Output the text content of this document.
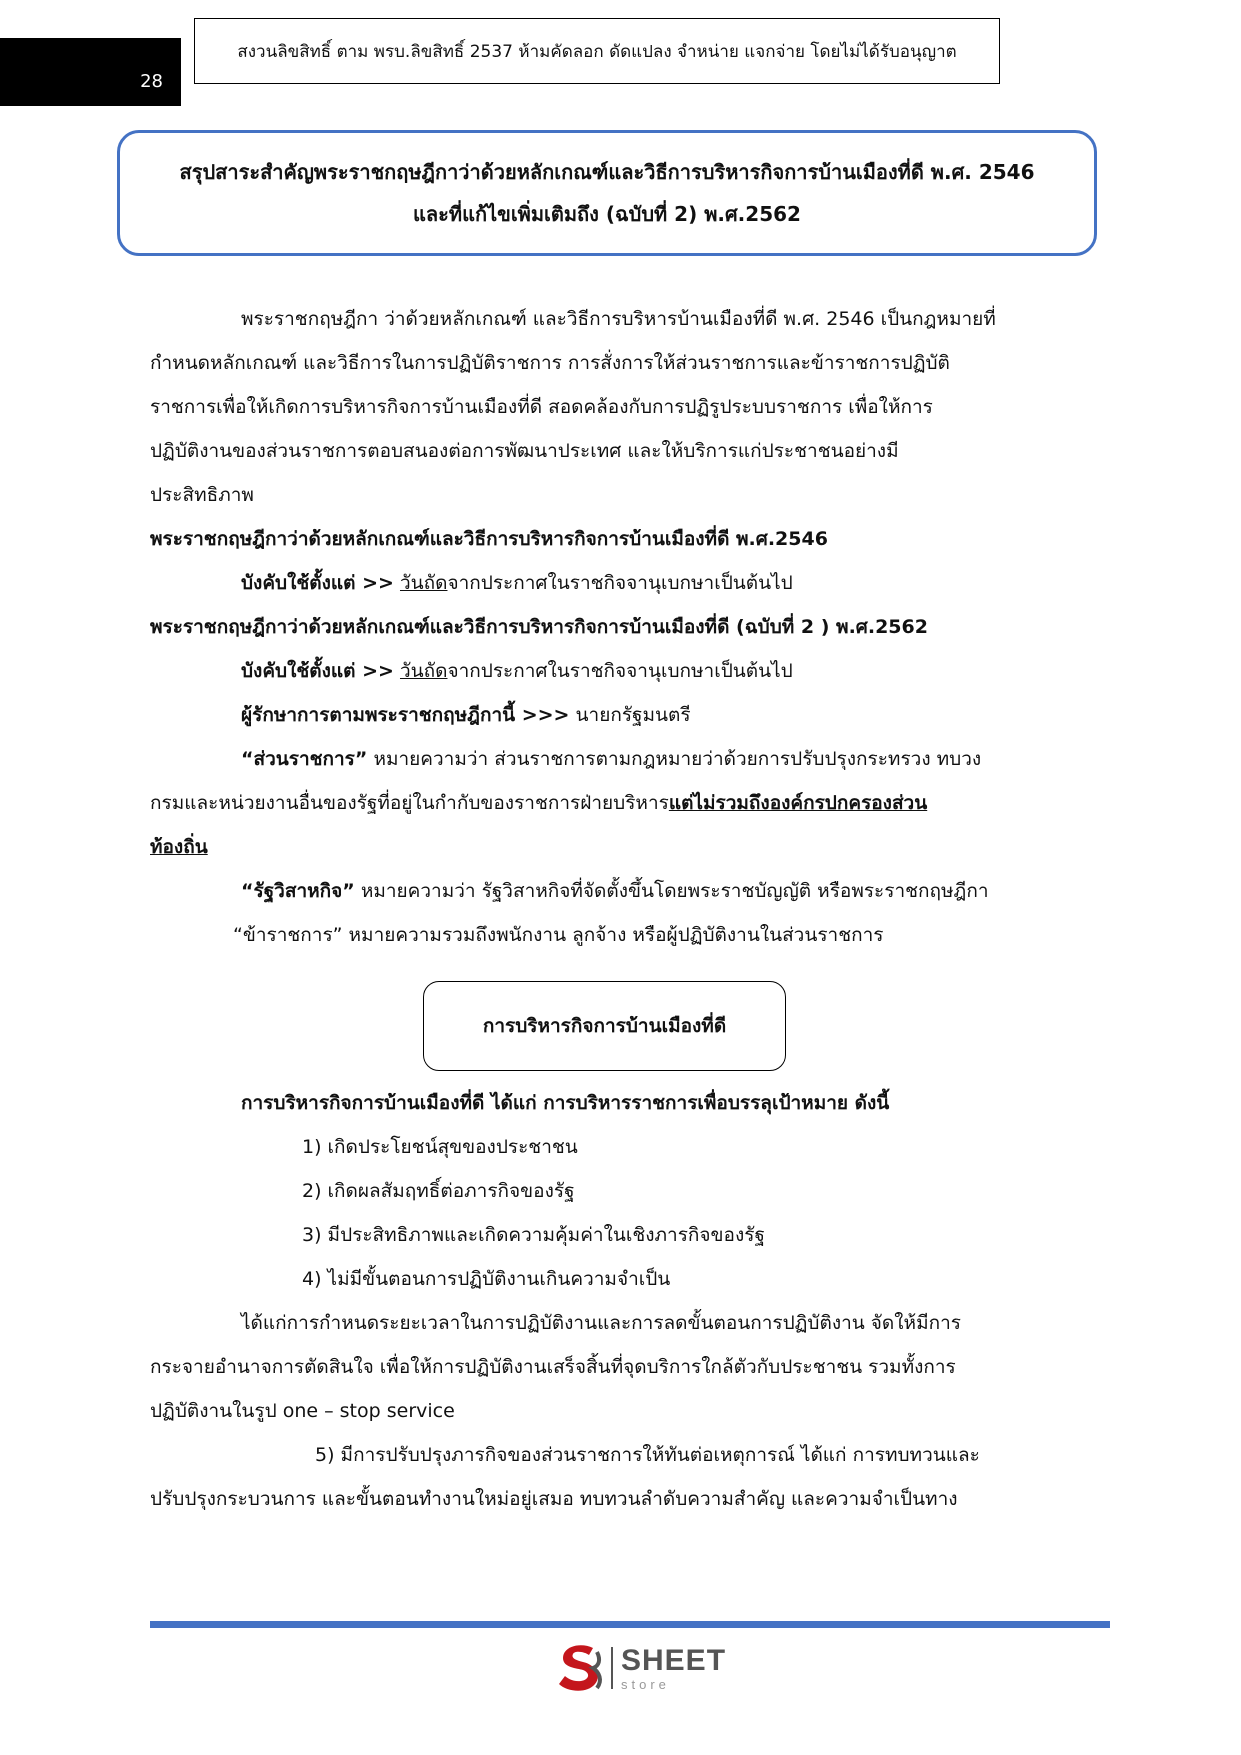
28
สงวนลิขสิทธิ์ ตาม พรบ.ลิขสิทธิ์ 2537 ห้ามคัดลอก ดัดแปลง จำหน่าย แจกจ่าย โดยไม่ได้รับอนุญาต
สรุปสาระสำคัญพระราชกฤษฎีกาว่าด้วยหลักเกณฑ์และวิธีการบริหารกิจการบ้านเมืองที่ดี พ.ศ. 2546
และที่แก้ไขเพิ่มเติมถึง (ฉบับที่ 2) พ.ศ.2562
พระราชกฤษฎีกา ว่าด้วยหลักเกณฑ์ และวิธีการบริหารบ้านเมืองที่ดี พ.ศ. 2546 เป็นกฎหมายที่
กำหนดหลักเกณฑ์ และวิธีการในการปฏิบัติราชการ การสั่งการให้ส่วนราชการและข้าราชการปฏิบัติ
ราชการเพื่อให้เกิดการบริหารกิจการบ้านเมืองที่ดี สอดคล้องกับการปฏิรูประบบราชการ เพื่อให้การ
ปฏิบัติงานของส่วนราชการตอบสนองต่อการพัฒนาประเทศ และให้บริการแก่ประชาชนอย่างมี
ประสิทธิภาพ
พระราชกฤษฎีกาว่าด้วยหลักเกณฑ์และวิธีการบริหารกิจการบ้านเมืองที่ดี พ.ศ.2546
บังคับใช้ตั้งแต่ >> วันถัดจากประกาศในราชกิจจานุเบกษาเป็นต้นไป
พระราชกฤษฎีกาว่าด้วยหลักเกณฑ์และวิธีการบริหารกิจการบ้านเมืองที่ดี (ฉบับที่ 2 ) พ.ศ.2562
บังคับใช้ตั้งแต่ >> วันถัดจากประกาศในราชกิจจานุเบกษาเป็นต้นไป
ผู้รักษาการตามพระราชกฤษฎีกานี้ >>> นายกรัฐมนตรี
“ส่วนราชการ” หมายความว่า ส่วนราชการตามกฎหมายว่าด้วยการปรับปรุงกระทรวง ทบวง
กรมและหน่วยงานอื่นของรัฐที่อยู่ในกำกับของราชการฝ่ายบริหารแต่ไม่รวมถึงองค์กรปกครองส่วน
ท้องถิ่น
“รัฐวิสาหกิจ” หมายความว่า รัฐวิสาหกิจที่จัดตั้งขึ้นโดยพระราชบัญญัติ หรือพระราชกฤษฎีกา
“ข้าราชการ” หมายความรวมถึงพนักงาน ลูกจ้าง หรือผู้ปฏิบัติงานในส่วนราชการ
การบริหารกิจการบ้านเมืองที่ดี ได้แก่ การบริหารราชการเพื่อบรรลุเป้าหมาย ดังนี้
1) เกิดประโยชน์สุขของประชาชน
2) เกิดผลสัมฤทธิ์ต่อภารกิจของรัฐ
3) มีประสิทธิภาพและเกิดความคุ้มค่าในเชิงภารกิจของรัฐ
4) ไม่มีขั้นตอนการปฏิบัติงานเกินความจำเป็น
ได้แก่การกำหนดระยะเวลาในการปฏิบัติงานและการลดขั้นตอนการปฏิบัติงาน จัดให้มีการ
กระจายอำนาจการตัดสินใจ เพื่อให้การปฏิบัติงานเสร็จสิ้นที่จุดบริการใกล้ตัวกับประชาชน รวมทั้งการ
ปฏิบัติงานในรูป one – stop service
5) มีการปรับปรุงภารกิจของส่วนราชการให้ทันต่อเหตุการณ์ ได้แก่ การทบทวนและ
ปรับปรุงกระบวนการ และขั้นตอนทำงานใหม่อยู่เสมอ ทบทวนลำดับความสำคัญ และความจำเป็นทาง
การบริหารกิจการบ้านเมืองที่ดี
SHEET
store
